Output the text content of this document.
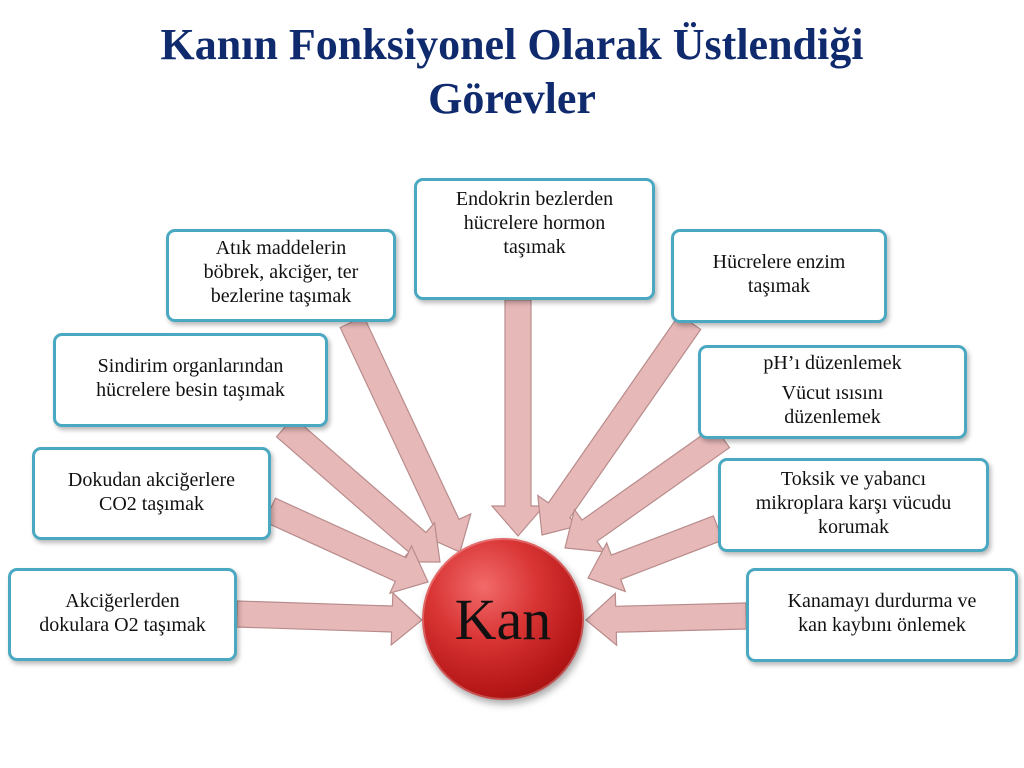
Kanın Fonksiyonel Olarak Üstlendiği
Görevler
Kan
Endokrin bezlerden
hücrelere hormon
taşımak
Atık maddelerin
böbrek, akciğer, ter
bezlerine taşımak
Hücrelere enzim
taşımak
Sindirim organlarından
hücrelere besin taşımak
pH’ı düzenlemek
Vücut ısısını
düzenlemek
Dokudan akciğerlere
CO2 taşımak
Toksik ve yabancı
mikroplara karşı vücudu
korumak
Akciğerlerden
dokulara O2 taşımak
Kanamayı durdurma ve
kan kaybını önlemek
